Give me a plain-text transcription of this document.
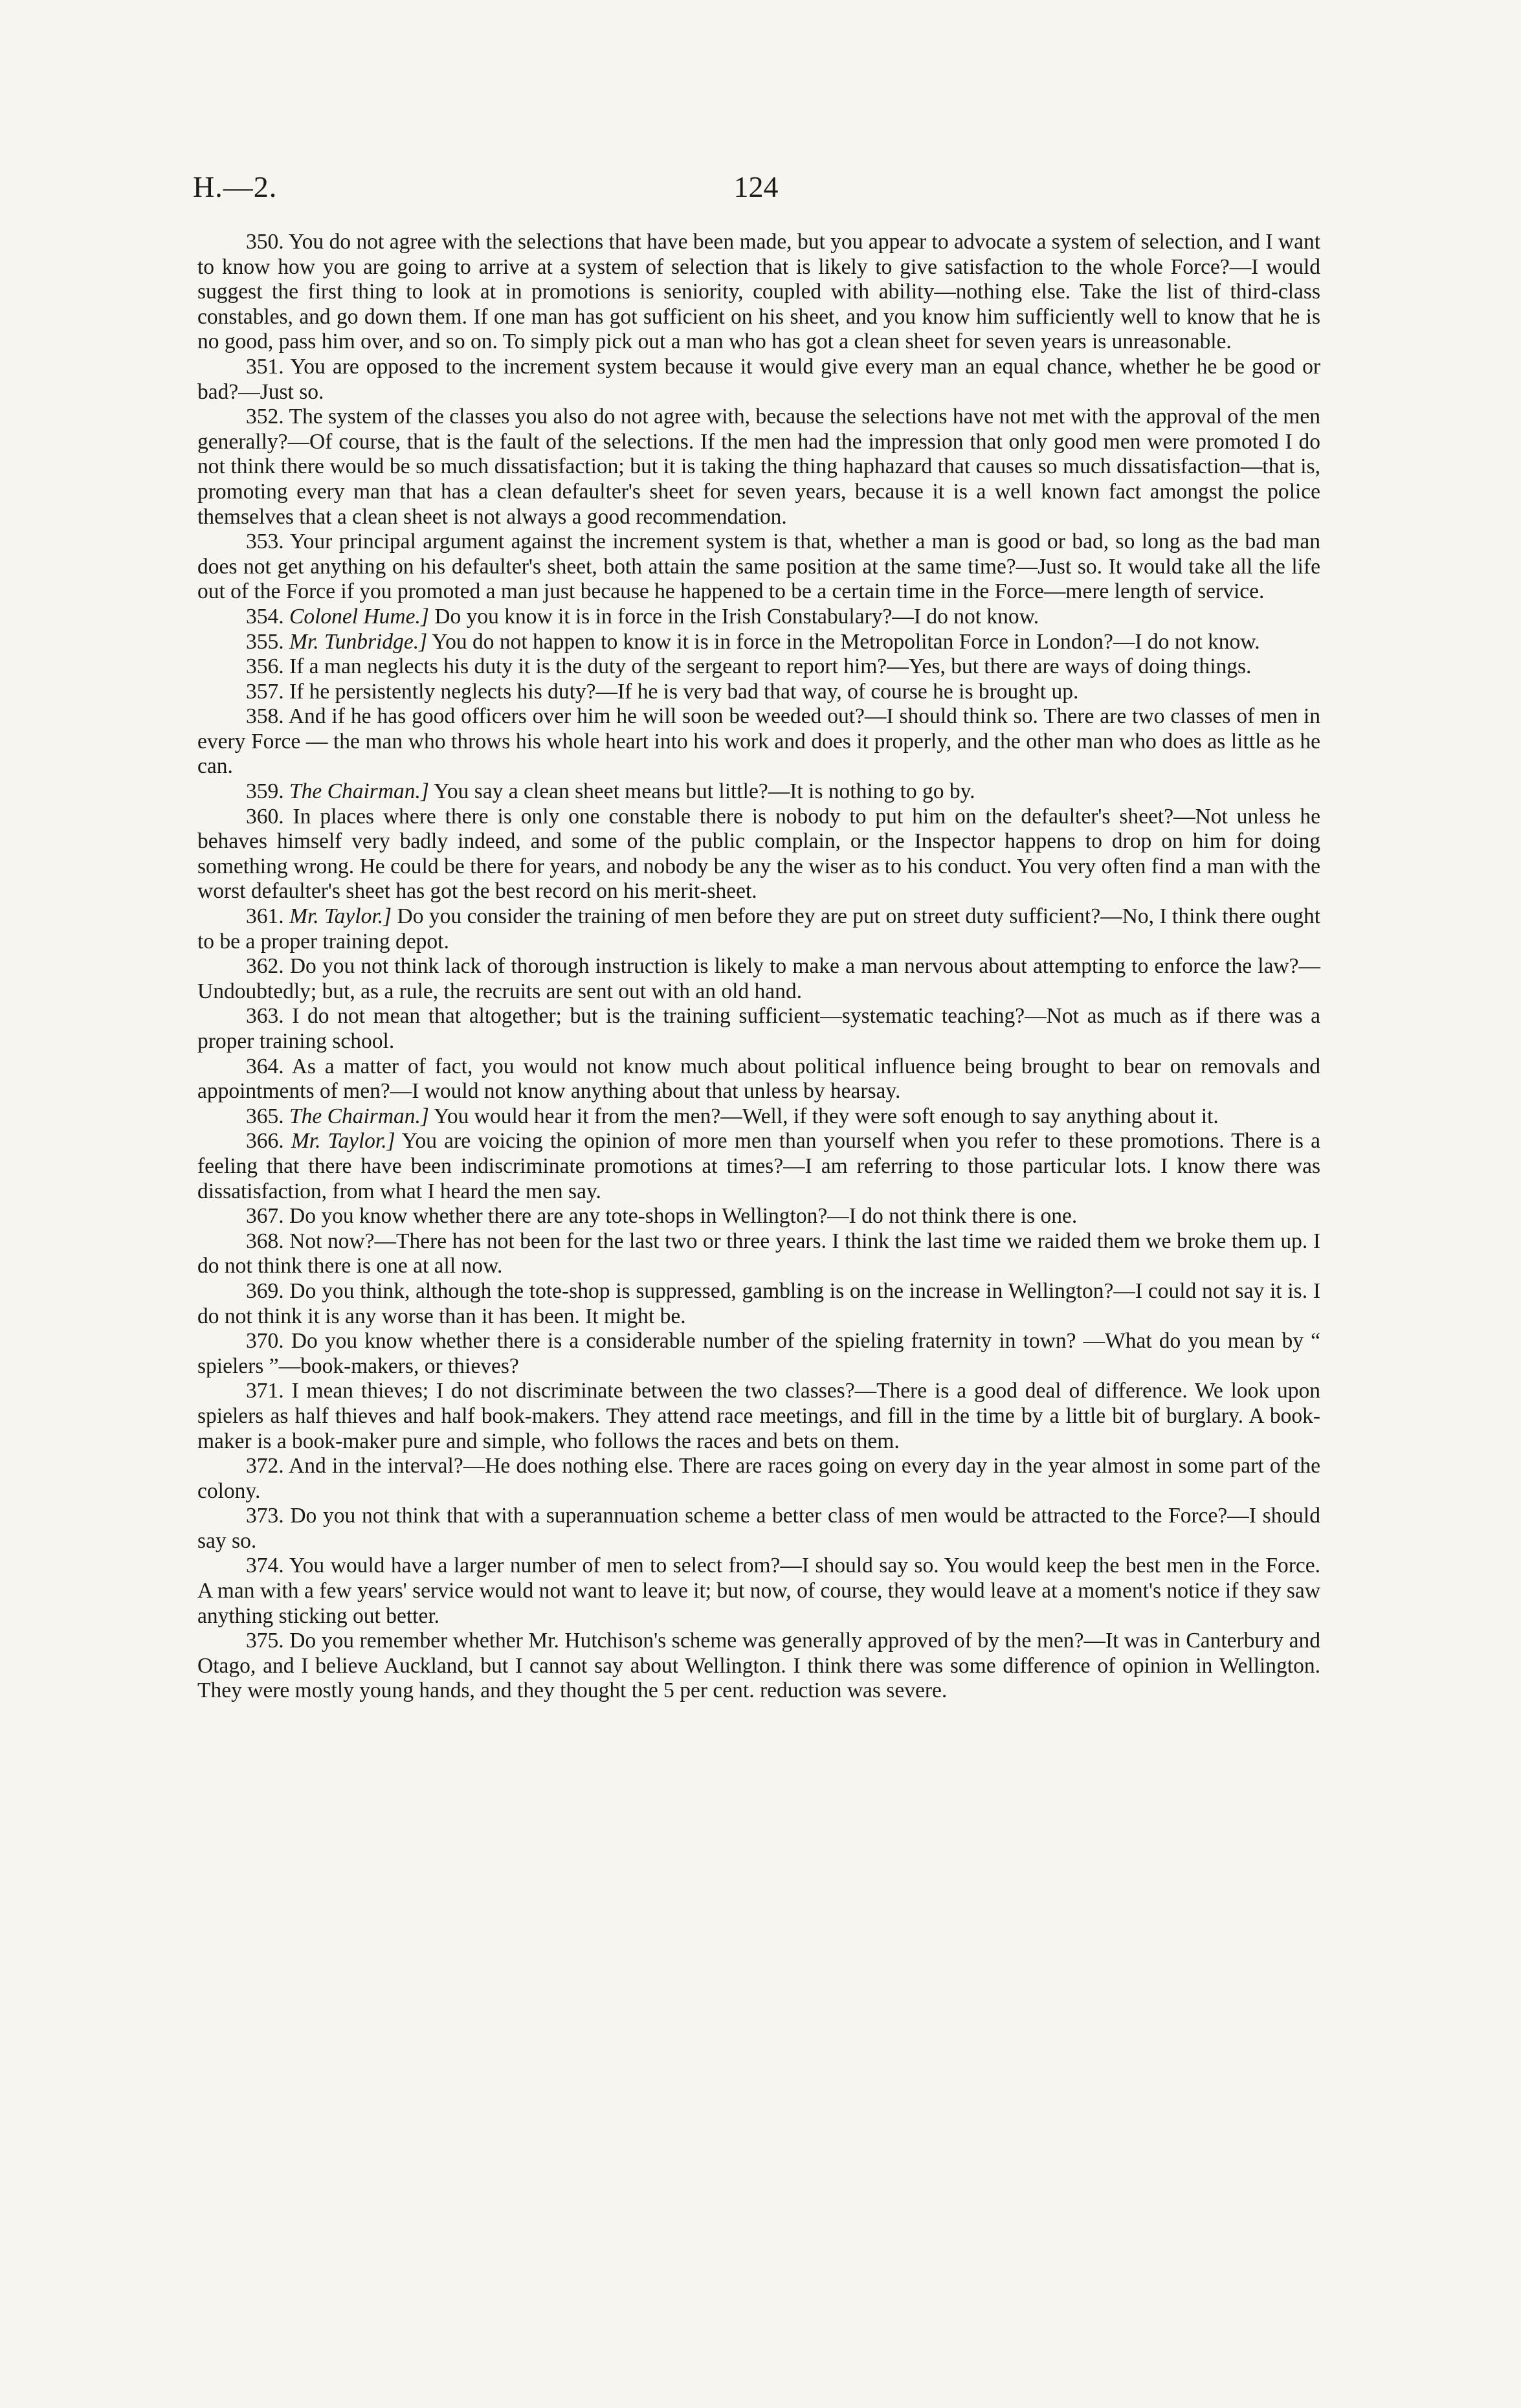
H.—2.	124

350. You do not agree with the selections that have been made, but you appear to advocate a system of selection, and I want to know how you are going to arrive at a system of selection that is likely to give satisfaction to the whole Force?—I would suggest the first thing to look at in promotions is seniority, coupled with ability—nothing else. Take the list of third-class constables, and go down them. If one man has got sufficient on his sheet, and you know him sufficiently well to know that he is no good, pass him over, and so on. To simply pick out a man who has got a clean sheet for seven years is unreasonable.

351. You are opposed to the increment system because it would give every man an equal chance, whether he be good or bad?—Just so.

352. The system of the classes you also do not agree with, because the selections have not met with the approval of the men generally?—Of course, that is the fault of the selections. If the men had the impression that only good men were promoted I do not think there would be so much dissatisfaction; but it is taking the thing haphazard that causes so much dissatisfaction—that is, promoting every man that has a clean defaulter's sheet for seven years, because it is a well known fact amongst the police themselves that a clean sheet is not always a good recommendation.

353. Your principal argument against the increment system is that, whether a man is good or bad, so long as the bad man does not get anything on his defaulter's sheet, both attain the same position at the same time?—Just so. It would take all the life out of the Force if you promoted a man just because he happened to be a certain time in the Force—mere length of service.

354. Colonel Hume.] Do you know it is in force in the Irish Constabulary?—I do not know.

355. Mr. Tunbridge.] You do not happen to know it is in force in the Metropolitan Force in London?—I do not know.

356. If a man neglects his duty it is the duty of the sergeant to report him?—Yes, but there are ways of doing things.

357. If he persistently neglects his duty?—If he is very bad that way, of course he is brought up.

358. And if he has good officers over him he will soon be weeded out?—I should think so. There are two classes of men in every Force — the man who throws his whole heart into his work and does it properly, and the other man who does as little as he can.

359. The Chairman.] You say a clean sheet means but little?—It is nothing to go by.

360. In places where there is only one constable there is nobody to put him on the defaulter's sheet?—Not unless he behaves himself very badly indeed, and some of the public complain, or the Inspector happens to drop on him for doing something wrong. He could be there for years, and nobody be any the wiser as to his conduct. You very often find a man with the worst defaulter's sheet has got the best record on his merit-sheet.

361. Mr. Taylor.] Do you consider the training of men before they are put on street duty sufficient?—No, I think there ought to be a proper training depot.

362. Do you not think lack of thorough instruction is likely to make a man nervous about attempting to enforce the law?—Undoubtedly; but, as a rule, the recruits are sent out with an old hand.

363. I do not mean that altogether; but is the training sufficient—systematic teaching?—Not as much as if there was a proper training school.

364. As a matter of fact, you would not know much about political influence being brought to bear on removals and appointments of men?—I would not know anything about that unless by hearsay.

365. The Chairman.] You would hear it from the men?—Well, if they were soft enough to say anything about it.

366. Mr. Taylor.] You are voicing the opinion of more men than yourself when you refer to these promotions. There is a feeling that there have been indiscriminate promotions at times?—I am referring to those particular lots. I know there was dissatisfaction, from what I heard the men say.

367. Do you know whether there are any tote-shops in Wellington?—I do not think there is one.

368. Not now?—There has not been for the last two or three years. I think the last time we raided them we broke them up. I do not think there is one at all now.

369. Do you think, although the tote-shop is suppressed, gambling is on the increase in Wellington?—I could not say it is. I do not think it is any worse than it has been. It might be.

370. Do you know whether there is a considerable number of the spieling fraternity in town? —What do you mean by “ spielers ”—book-makers, or thieves?

371. I mean thieves; I do not discriminate between the two classes?—There is a good deal of difference. We look upon spielers as half thieves and half book-makers. They attend race meetings, and fill in the time by a little bit of burglary. A book-maker is a book-maker pure and simple, who follows the races and bets on them.

372. And in the interval?—He does nothing else. There are races going on every day in the year almost in some part of the colony.

373. Do you not think that with a superannuation scheme a better class of men would be attracted to the Force?—I should say so.

374. You would have a larger number of men to select from?—I should say so. You would keep the best men in the Force. A man with a few years' service would not want to leave it; but now, of course, they would leave at a moment's notice if they saw anything sticking out better.

375. Do you remember whether Mr. Hutchison's scheme was generally approved of by the men?—It was in Canterbury and Otago, and I believe Auckland, but I cannot say about Wellington. I think there was some difference of opinion in Wellington. They were mostly young hands, and they thought the 5 per cent. reduction was severe.
